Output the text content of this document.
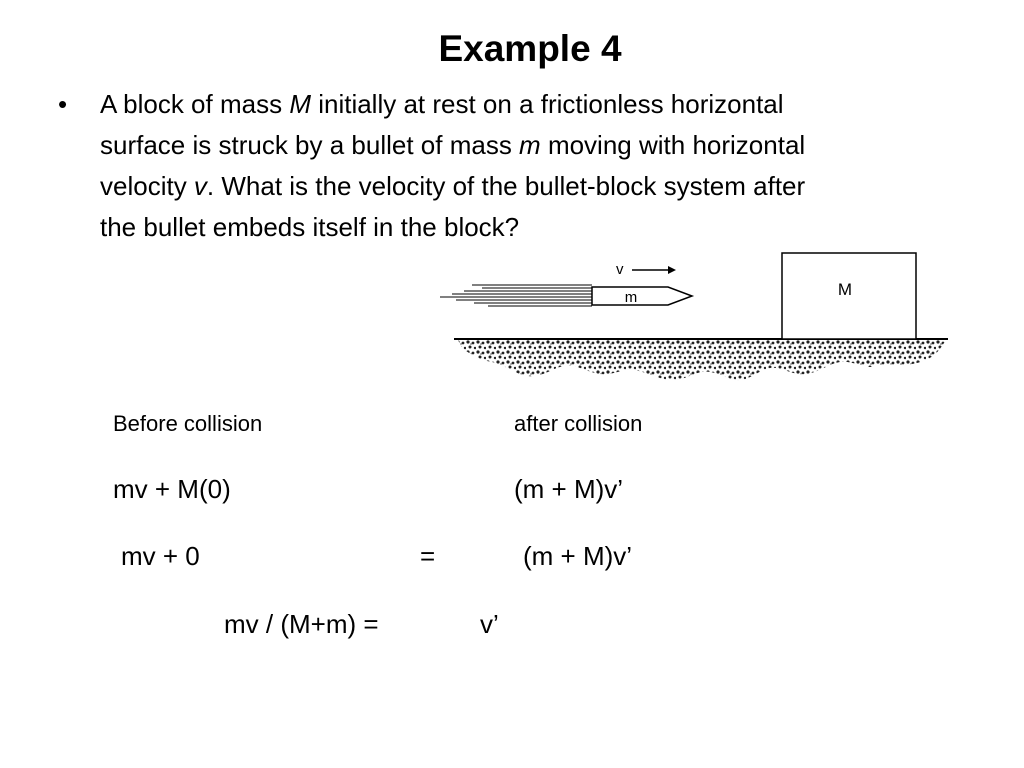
Example 4
• A block of mass M initially at rest on a frictionless horizontal
surface is struck by a bullet of mass m moving with horizontal
velocity v. What is the velocity of the bullet-block system after
the bullet embeds itself in the block?

m
v
M

Before collision	after collision

mv + M(0)	(m + M)v’

mv + 0	=	(m + M)v’

mv / (M+m) =	v’
